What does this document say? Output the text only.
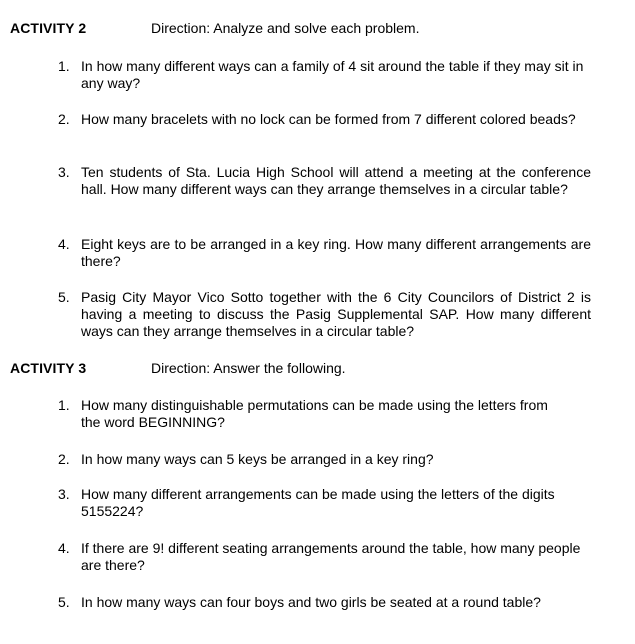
ACTIVITY 2	Direction: Analyze and solve each problem.
1. In how many different ways can a family of 4 sit around the table if they may sit in any way?
2. How many bracelets with no lock can be formed from 7 different colored beads?
3. Ten students of Sta. Lucia High School will attend a meeting at the conference hall. How many different ways can they arrange themselves in a circular table?
4. Eight keys are to be arranged in a key ring. How many different arrangements are there?
5. Pasig City Mayor Vico Sotto together with the 6 City Councilors of District 2 is having a meeting to discuss the Pasig Supplemental SAP. How many different ways can they arrange themselves in a circular table?
ACTIVITY 3	Direction: Answer the following.
1. How many distinguishable permutations can be made using the letters from the word BEGINNING?
2. In how many ways can 5 keys be arranged in a key ring?
3. How many different arrangements can be made using the letters of the digits 5155224?
4. If there are 9! different seating arrangements around the table, how many people are there?
5. In how many ways can four boys and two girls be seated at a round table?
